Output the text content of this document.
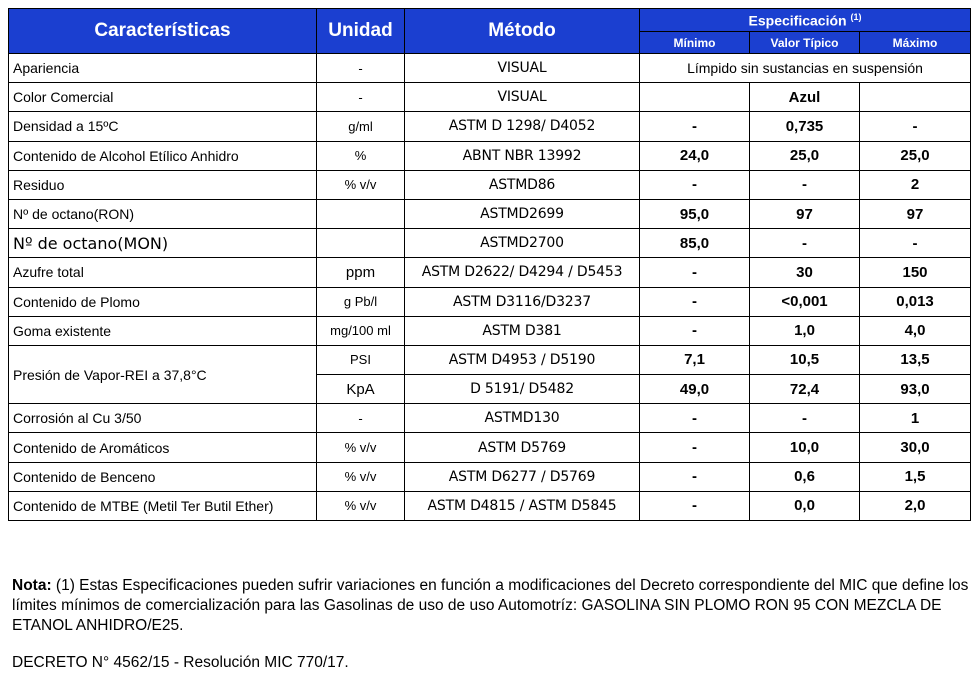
Características	Unidad	Método	Especificación $^{(1)}$
			Mínimo	Valor Típico	Máximo
Apariencia	-	VISUAL	Límpido sin sustancias en suspensión		
Color Comercial	-	VISUAL		Azul	
Densidad a 15ºC	g/ml	ASTM D 1298/ D4052	-	0,735	-
Contenido de Alcohol Etílico Anhidro	%	ABNT NBR 13992	24,0	25,0	25,0
Residuo	% v/v	ASTMD86	-	-	2
Nº de octano(RON)		ASTMD2699	95,0	97	97
Nº de octano(MON)		ASTMD2700	85,0	-	-
Azufre total	ppm	ASTM D2622/ D4294 / D5453	-	30	150
Contenido de Plomo	g Pb/l	ASTM D3116/D3237	-	<0,001	0,013
Goma existente	mg/100 ml	ASTM D381	-	1,0	4,0
Presión de Vapor-REI a 37,8°C	PSI	ASTM D4953 / D5190	7,1	10,5	13,5
	KpA	D 5191/ D5482	49,0	72,4	93,0
Corrosión al Cu 3/50	-	ASTMD130	-	-	1
Contenido de Aromáticos	% v/v	ASTM D5769	-	10,0	30,0
Contenido de Benceno	% v/v	ASTM D6277 / D5769	-	0,6	1,5
Contenido de MTBE (Metil Ter Butil Ether)	% v/v	ASTM D4815 / ASTM D5845	-	0,0	2,0

Nota: (1) Estas Especificaciones pueden sufrir variaciones en función a modificaciones del Decreto correspondiente del MIC que define los límites mínimos de comercialización para las Gasolinas de uso de uso Automotríz: GASOLINA SIN PLOMO RON 95 CON MEZCLA DE ETANOL ANHIDRO/E25.

DECRETO N° 4562/15 - Resolución MIC 770/17.
